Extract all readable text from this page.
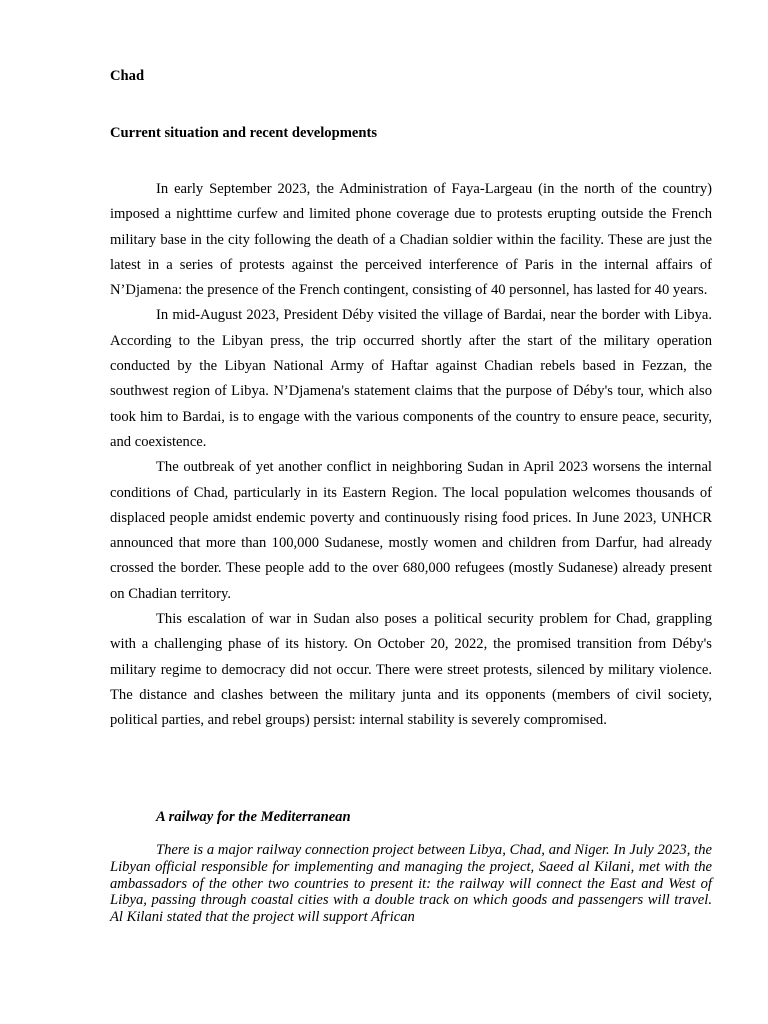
Chad
Current situation and recent developments

In early September 2023, the Administration of Faya-Largeau (in the north of the country) imposed a nighttime curfew and limited phone coverage due to protests erupting outside the French military base in the city following the death of a Chadian soldier within the facility. These are just the latest in a series of protests against the perceived interference of Paris in the internal affairs of N’Djamena: the presence of the French contingent, consisting of 40 personnel, has lasted for 40 years.

In mid-August 2023, President Déby visited the village of Bardai, near the border with Libya. According to the Libyan press, the trip occurred shortly after the start of the military operation conducted by the Libyan National Army of Haftar against Chadian rebels based in Fezzan, the southwest region of Libya. N’Djamena's statement claims that the purpose of Déby's tour, which also took him to Bardai, is to engage with the various components of the country to ensure peace, security, and coexistence.

The outbreak of yet another conflict in neighboring Sudan in April 2023 worsens the internal conditions of Chad, particularly in its Eastern Region. The local population welcomes thousands of displaced people amidst endemic poverty and continuously rising food prices. In June 2023, UNHCR announced that more than 100,000 Sudanese, mostly women and children from Darfur, had already crossed the border. These people add to the over 680,000 refugees (mostly Sudanese) already present on Chadian territory.

This escalation of war in Sudan also poses a political security problem for Chad, grappling with a challenging phase of its history. On October 20, 2022, the promised transition from Déby's military regime to democracy did not occur. There were street protests, silenced by military violence. The distance and clashes between the military junta and its opponents (members of civil society, political parties, and rebel groups) persist: internal stability is severely compromised.

A railway for the Mediterranean

There is a major railway connection project between Libya, Chad, and Niger. In July 2023, the Libyan official responsible for implementing and managing the project, Saeed al Kilani, met with the ambassadors of the other two countries to present it: the railway will connect the East and West of Libya, passing through coastal cities with a double track on which goods and passengers will travel. Al Kilani stated that the project will support African
